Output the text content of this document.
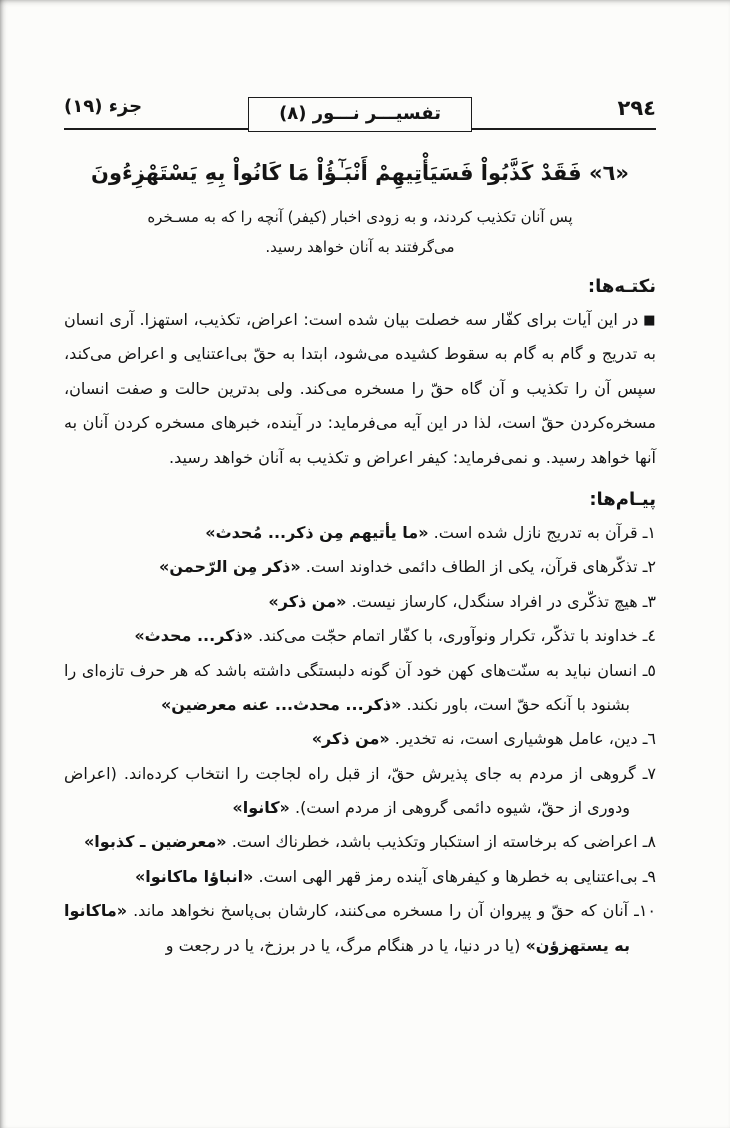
٢٩٤
تفسيـــر نـــور (٨)
جزء (١٩)
«٦» فَقَدْ كَذَّبُواْ فَسَيَأْتِيهِمْ أَنْبَـٰٓؤُاْ مَا كَانُواْ بِهِ يَسْتَهْزِءُونَ
پس آنان تكذيب كردند، و به زودى اخبار (كيفر) آنچه را كه به مسـخره
مى‌گرفتند به آنان خواهد رسيد.
نكتـه‌ها:

■در اين آيات براى كفّار سه خصلت بيان شده است: اعراض، تكذيب، استهزا. آرى انسان به تدريج و گام به گام به سقوط كشيده مى‌شود، ابتدا به حقّ بى‌اعتنايى و اعراض مى‌كند، سپس آن را تكذيب و آن گاه حقّ را مسخره مى‌كند. ولى بدترين حالت و صفت انسان، مسخره‌كردن حقّ است، لذا در اين آيه مى‌فرمايد: در آينده، خبرهاى مسخره كردن آنان به آنها خواهد رسيد. و نمى‌فرمايد: كيفر اعراض و تكذيب به آنان خواهد رسيد.

پيـام‌ها:
١ـ قرآن به تدريج نازل شده است. «ما يأتيهم مِن ذكر... مُحدث»
٢ـ تذكّرهاى قرآن، يكى از الطاف دائمى خداوند است. «ذكر مِن الرّحمن»
٣ـ هيچ تذكّرى در افراد سنگدل، كارساز نيست. «من ذكر»
٤ـ خداوند با تذكّر، تكرار ونوآورى، با كفّار اتمام حجّت مى‌كند. «ذكر... محدث»
٥ـ انسان نبايد به سنّت‌هاى كهن خود آن گونه دلبستگى داشته باشد كه هر حرف تازه‌اى را بشنود با آنكه حقّ است، باور نكند. «ذكر... محدث... عنه معرضين»
٦ـ دين، عامل هوشيارى است، نه تخدير. «من ذكر»
٧ـ گروهى از مردم به جاى پذيرش حقّ، از قبل راه لجاجت را انتخاب كرده‌اند. (اعراض ودورى از حقّ، شيوه دائمى گروهى از مردم است). «كانوا»
٨ـ اعراضى كه برخاسته از استكبار وتكذيب باشد، خطرناك است. «معرضين ـ كذبوا»
٩ـ بى‌اعتنايى به خطرها و كيفرهاى آينده رمز قهر الهى است. «انباؤا ماكانوا»
١٠ـ آنان كه حقّ و پيروان آن را مسخره مى‌كنند، كارشان بى‌پاسخ نخواهد ماند. «ماكانوا به يستهزؤن» (يا در دنيا، يا در هنگام مرگ، يا در برزخ، يا در رجعت و
